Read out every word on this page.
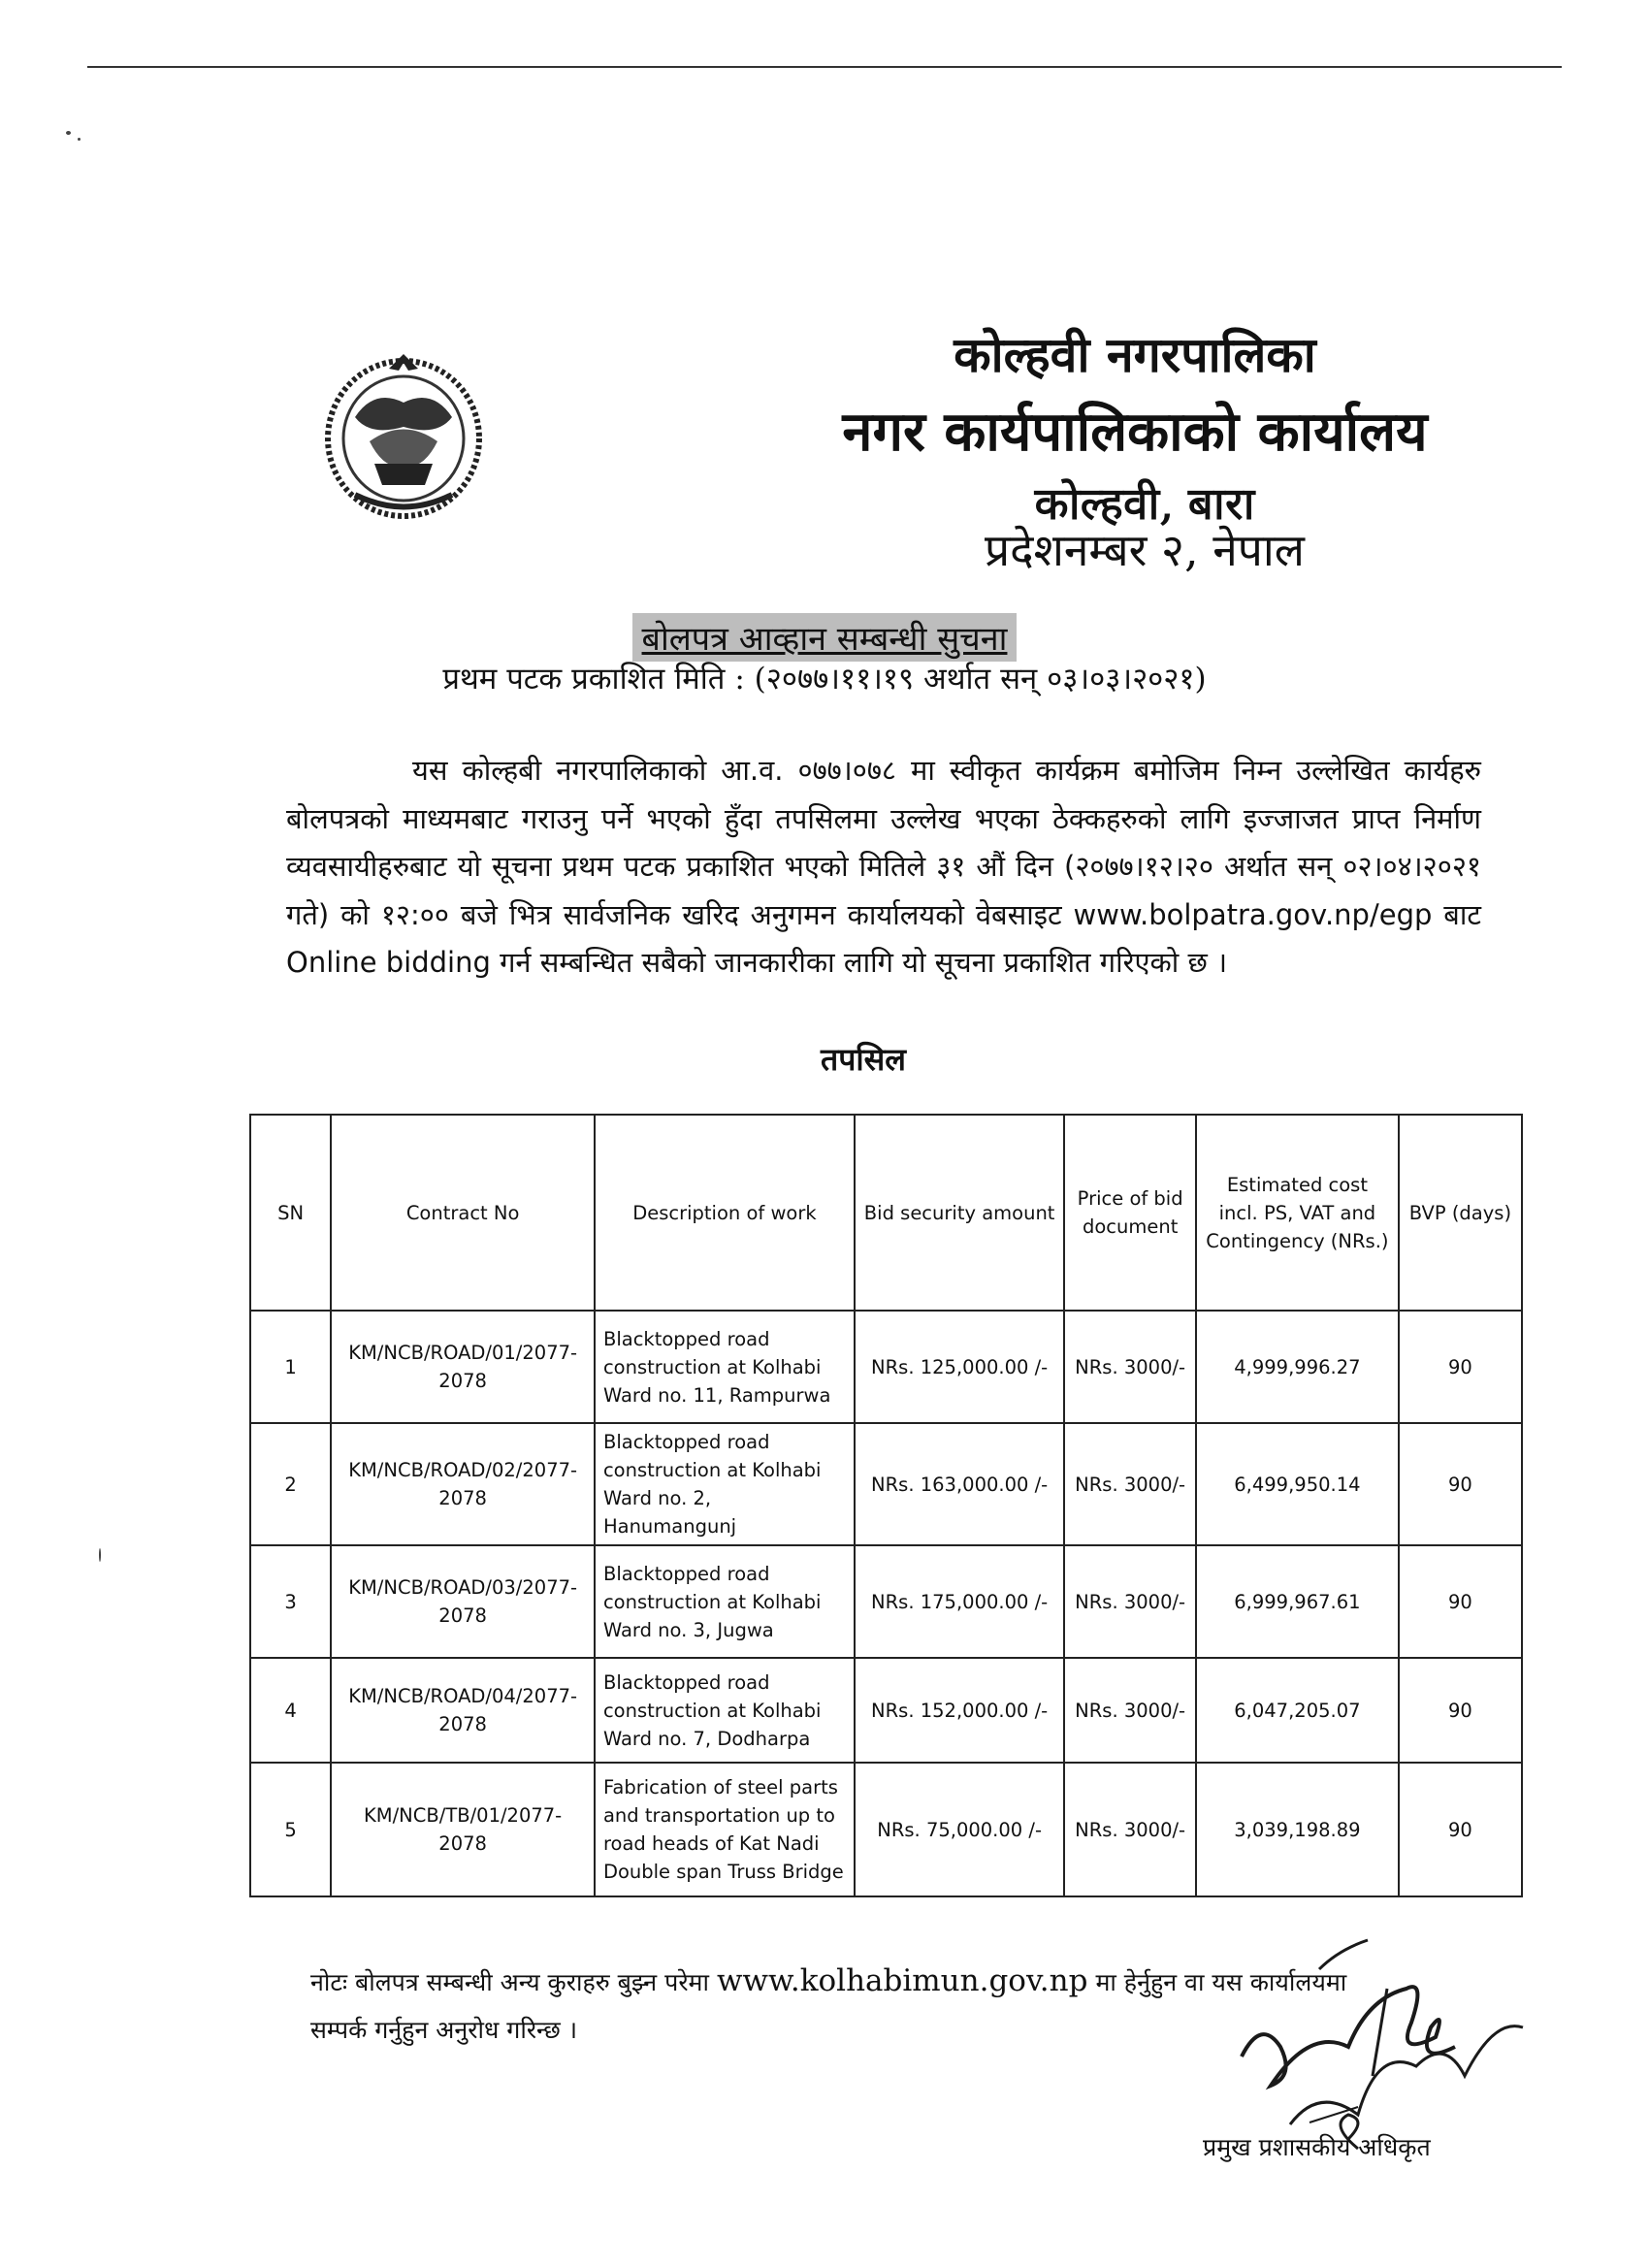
कोल्हवी नगरपालिका
नगर कार्यपालिकाको कार्यालय
कोल्हवी, बारा
प्रदेशनम्बर २, नेपाल
बोलपत्र आव्हान सम्बन्धी सुचना
प्रथम पटक प्रकाशित मिति : (२०७७।११।१९ अर्थात सन् ०३।०३।२०२१)
यस कोल्हबी नगरपालिकाको आ.व. ०७७।०७८ मा स्वीकृत कार्यक्रम बमोजिम निम्न उल्लेखित कार्यहरु बोलपत्रको माध्यमबाट गराउनु पर्ने भएको हुँदा तपसिलमा उल्लेख भएका ठेक्कहरुको लागि इज्जाजत प्राप्त निर्माण व्यवसायीहरुबाट यो सूचना प्रथम पटक प्रकाशित भएको मितिले ३१ औं दिन (२०७७।१२।२० अर्थात सन् ०२।०४।२०२१ गते) को १२:०० बजे भित्र सार्वजनिक खरिद अनुगमन कार्यालयको वेबसाइट www.bolpatra.gov.np/egp बाट Online bidding गर्न सम्बन्धित सबैको जानकारीका लागि यो सूचना प्रकाशित गरिएको छ ।
तपसिल
SN	Contract No	Description of work	Bid security amount	Price of bid document	Estimated cost incl. PS, VAT and Contingency (NRs.)	BVP (days)
1	KM/NCB/ROAD/01/2077-2078	Blacktopped road construction at Kolhabi Ward no. 11, Rampurwa	NRs. 125,000.00 /-	NRs. 3000/-	4,999,996.27	90
2	KM/NCB/ROAD/02/2077-2078	Blacktopped road construction at Kolhabi Ward no. 2, Hanumangunj	NRs. 163,000.00 /-	NRs. 3000/-	6,499,950.14	90
3	KM/NCB/ROAD/03/2077-2078	Blacktopped road construction at Kolhabi Ward no. 3, Jugwa	NRs. 175,000.00 /-	NRs. 3000/-	6,999,967.61	90
4	KM/NCB/ROAD/04/2077-2078	Blacktopped road construction at Kolhabi Ward no. 7, Dodharpa	NRs. 152,000.00 /-	NRs. 3000/-	6,047,205.07	90
5	KM/NCB/TB/01/2077-2078	Fabrication of steel parts and transportation up to road heads of Kat Nadi Double span Truss Bridge	NRs. 75,000.00 /-	NRs. 3000/-	3,039,198.89	90
नोटः बोलपत्र सम्बन्धी अन्य कुराहरु बुझ्न परेमा www.kolhabimun.gov.np मा हेर्नुहुन वा यस कार्यालयमा सम्पर्क गर्नुहुन अनुरोध गरिन्छ ।
प्रमुख प्रशासकीय अधिकृत
